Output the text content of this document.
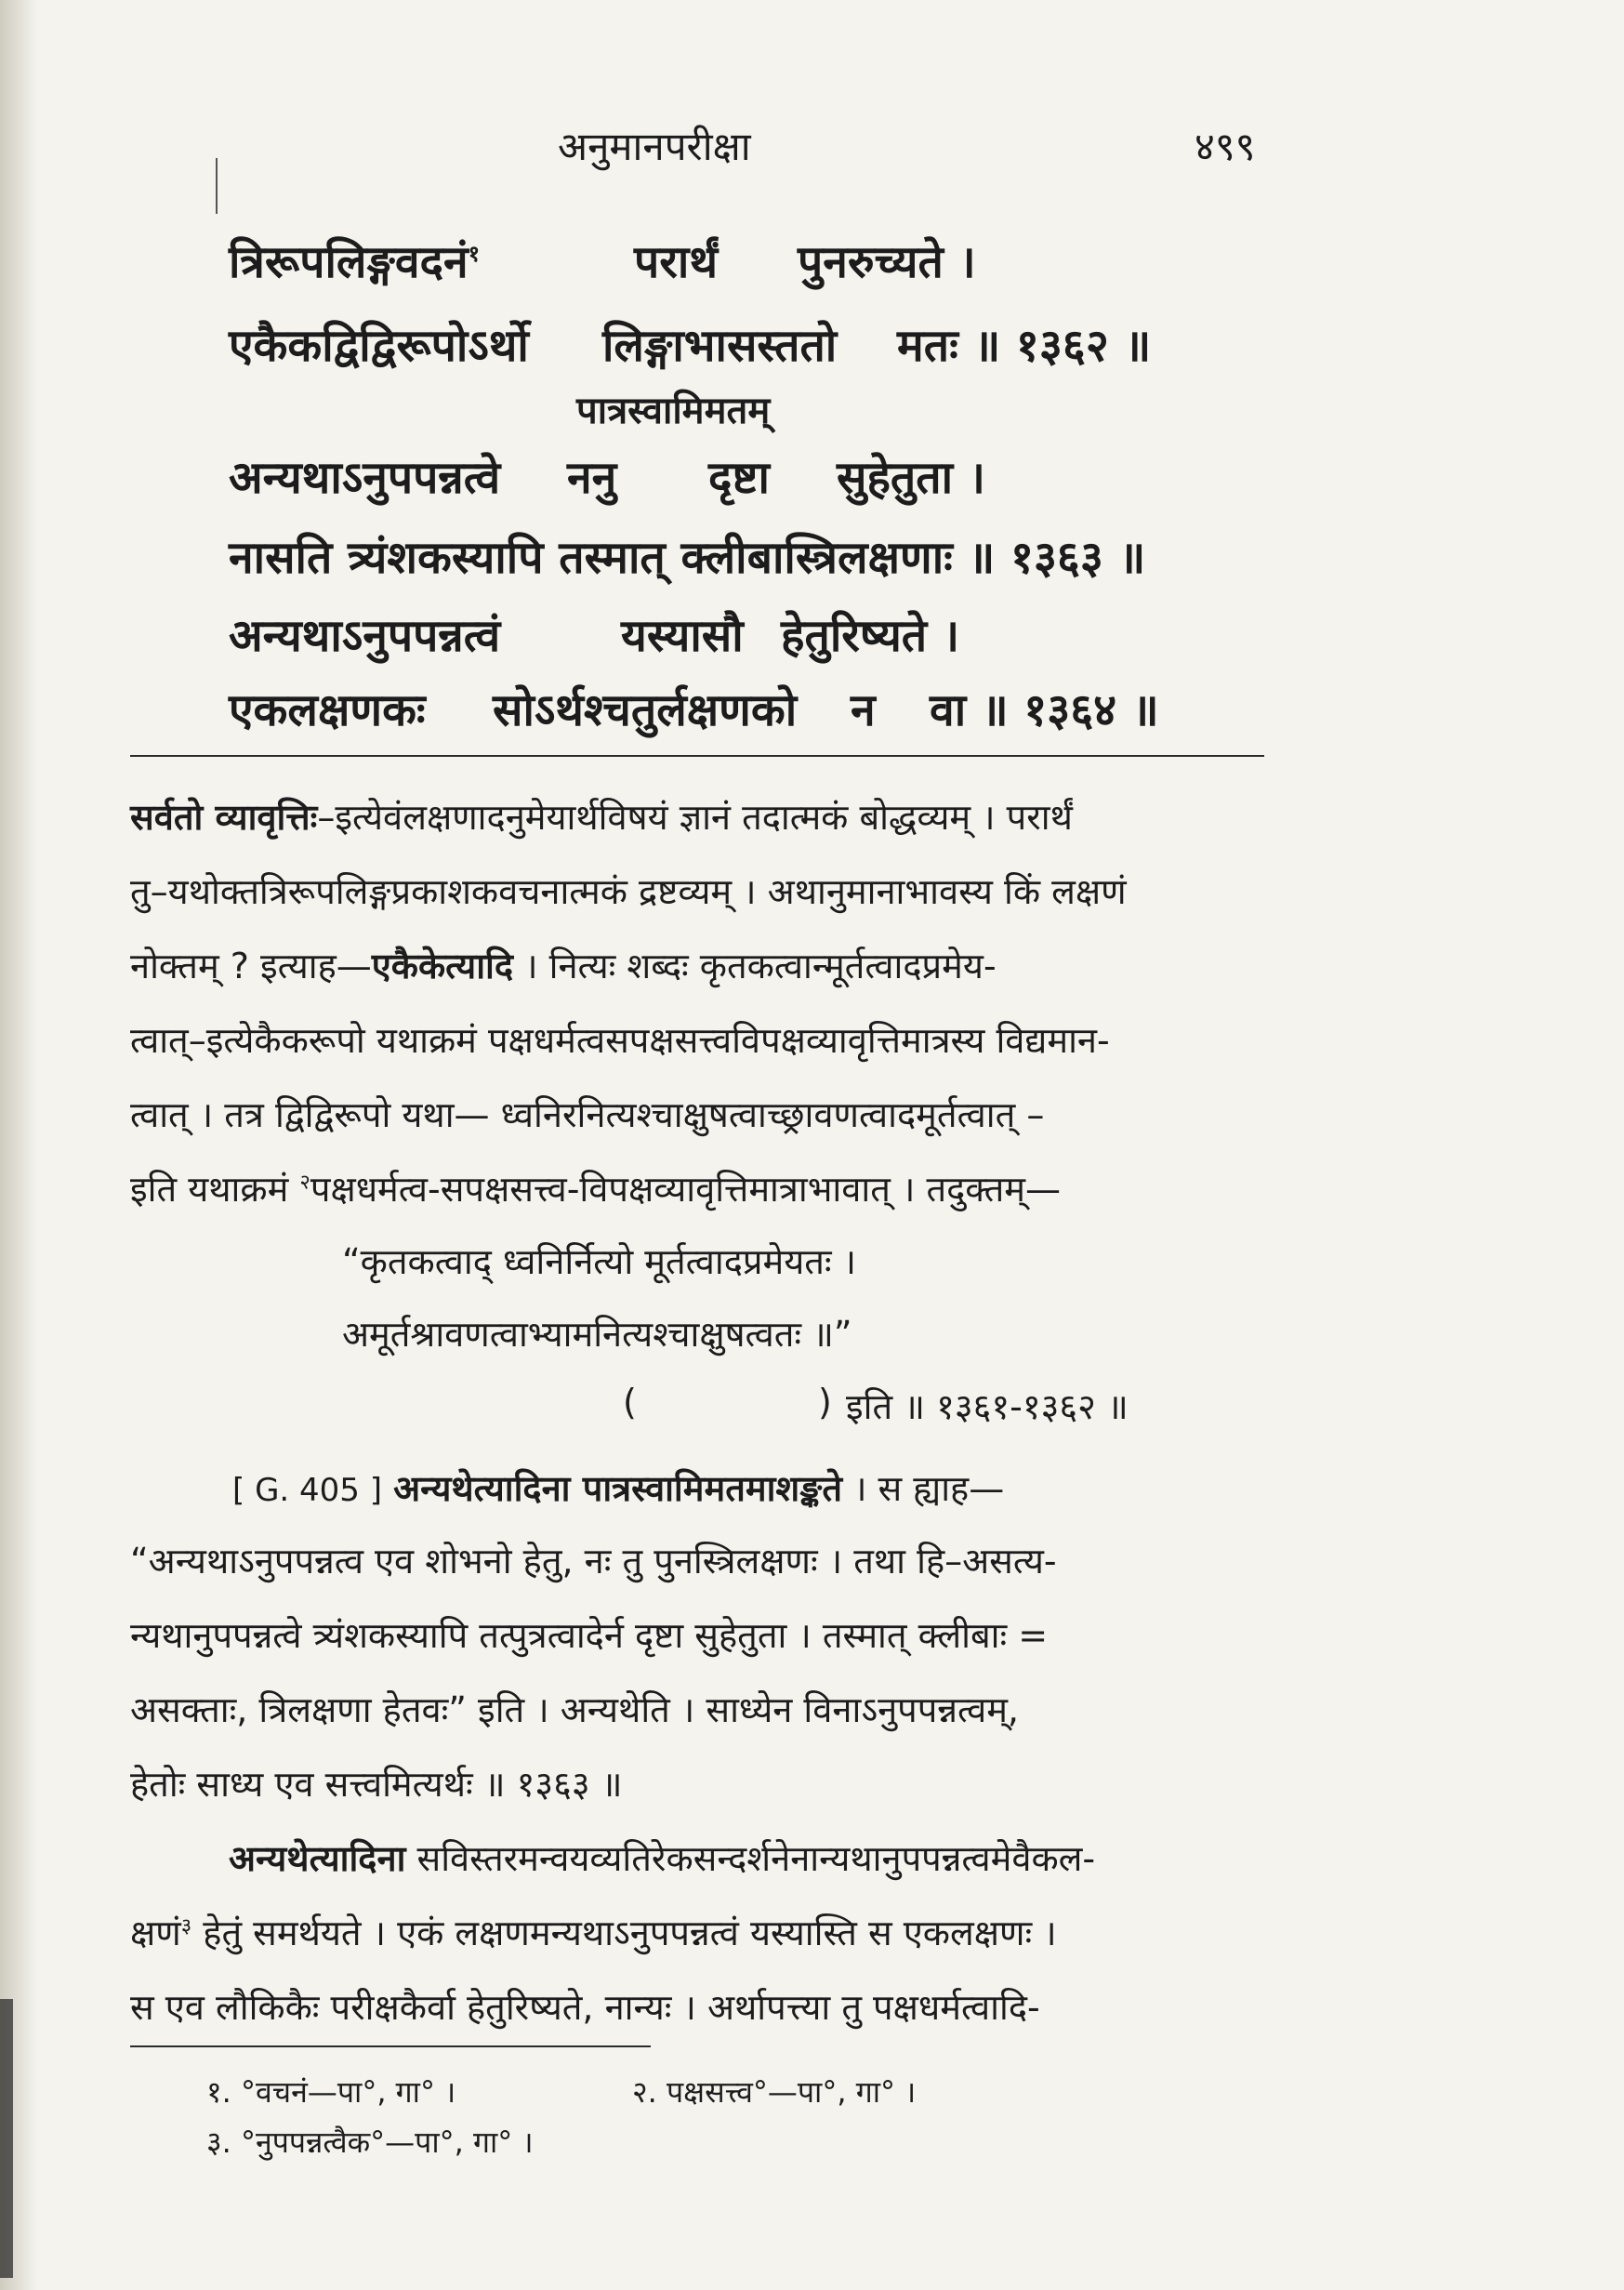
अनुमानपरीक्षा	४९९
त्रिरूपलिङ्गवदनं$^१$	परार्थं पुनरुच्यते ।
एकैकद्विद्विरूपोऽर्थो लिङ्गाभासस्ततो मतः ॥ १३६२ ॥
पात्रस्वामिमतम्
अन्यथाऽनुपपन्नत्वे ननु दृष्टा सुहेतुता ।
नासति त्र्यंशकस्यापि तस्मात् क्लीबास्त्रिलक्षणाः ॥ १३६३ ॥
अन्यथाऽनुपपन्नत्वं	यस्यासौ हेतुरिष्यते ।
एकलक्षणकः सोऽर्थश्चतुर्लक्षणको न वा ॥ १३६४ ॥
सर्वतो व्यावृत्तिः–इत्येवंलक्षणादनुमेयार्थविषयं ज्ञानं तदात्मकं बोद्धव्यम् । परार्थं
तु–यथोक्तत्रिरूपलिङ्गप्रकाशकवचनात्मकं द्रष्टव्यम् । अथानुमानाभावस्य किं लक्षणं
नोक्तम् ? इत्याह—एकैकेत्यादि । नित्यः शब्दः कृतकत्वान्मूर्तत्वादप्रमेय-
त्वात्–इत्येकैकरूपो यथाक्रमं पक्षधर्मत्वसपक्षसत्त्वविपक्षव्यावृत्तिमात्रस्य विद्यमान-
त्वात् । तत्र द्विद्विरूपो यथा— ध्वनिरनित्यश्चाक्षुषत्वाच्छ्रावणत्वादमूर्तत्वात् –
इति यथाक्रमं $^२$पक्षधर्मत्व-सपक्षसत्त्व-विपक्षव्यावृत्तिमात्राभावात् । तदुक्तम्—
“कृतकत्वाद् ध्वनिर्नित्यो मूर्तत्वादप्रमेयतः ।
अमूर्तश्रावणत्वाभ्यामनित्यश्चाक्षुषत्वतः ॥”
(	) इति ॥ १३६१-१३६२ ॥
[ G. 405 ] अन्यथेत्यादिना पात्रस्वामिमतमाशङ्कते । स ह्याह—
“अन्यथाऽनुपपन्नत्व एव शोभनो हेतु, नः तु पुनस्त्रिलक्षणः । तथा हि–असत्य-
न्यथानुपपन्नत्वे त्र्यंशकस्यापि तत्पुत्रत्वादेर्न दृष्टा सुहेतुता । तस्मात् क्लीबाः =
असक्ताः, त्रिलक्षणा हेतवः” इति । अन्यथेति । साध्येन विनाऽनुपपन्नत्वम्,
हेतोः साध्य एव सत्त्वमित्यर्थः ॥ १३६३ ॥
अन्यथेत्यादिना सविस्तरमन्वयव्यतिरेकसन्दर्शनेनान्यथानुपपन्नत्वमेवैकल-
क्षणं$^३$ हेतुं समर्थयते । एकं लक्षणमन्यथाऽनुपपन्नत्वं यस्यास्ति स एकलक्षणः ।
स एव लौकिकैः परीक्षकैर्वा हेतुरिष्यते, नान्यः । अर्थापत्त्या तु पक्षधर्मत्वादि-
१. °वचनं—पा°, गा° ।	२. पक्षसत्त्व°—पा°, गा° ।
३. °नुपपन्नत्वैक°—पा°, गा° ।
